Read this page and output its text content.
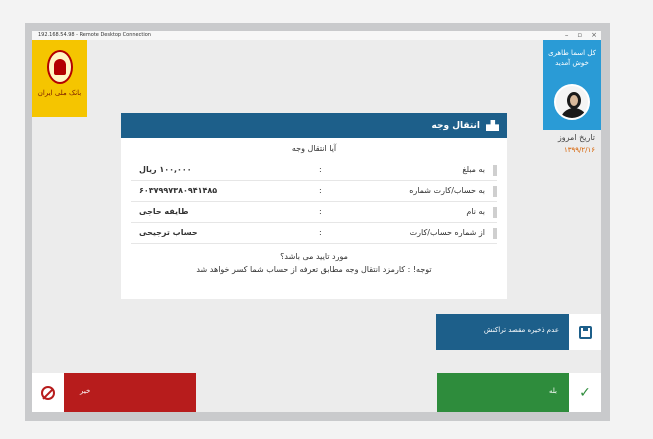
192.168.54.98 - Remote Desktop Connection	– ▫ ×
بانک ملی ایران
کل اسما طاهری
خوش آمدید
تاریخ امروز
۱۳۹۹/۲/۱۶
انتقال وجه
آیا انتقال وجه
به مبلغ
:
۱۰۰,۰۰۰ ریال
به حساب/کارت شماره
:
۶۰۳۷۹۹۷۳۸۰۹۴۱۴۸۵
به نام
:
طایفه حاجی
از شماره حساب/کارت
:
حساب ترجیحی
مورد تایید می باشد؟
توجه! : کارمزد انتقال وجه مطابق تعرفه از حساب شما کسر خواهد شد
عدم ذخیره مقصد تراکنش
خیر	✓
بله
